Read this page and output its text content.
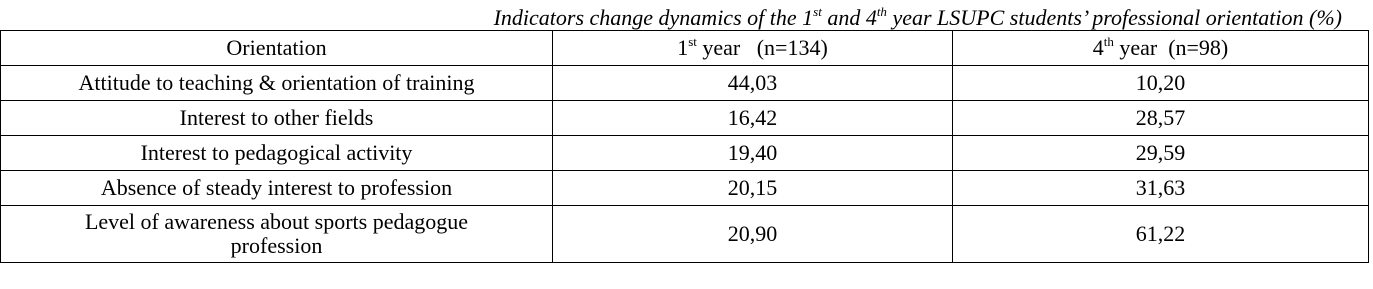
Indicators change dynamics of the 1st and 4th year LSUPC students’ professional orientation (%)
Orientation	1st year   (n=134)	4th year  (n=98)
Attitude to teaching & orientation of training	44,03	10,20
Interest to other fields	16,42	28,57
Interest to pedagogical activity	19,40	29,59
Absence of steady interest to profession	20,15	31,63
Level of awareness about sports pedagogue profession	20,90	61,22
